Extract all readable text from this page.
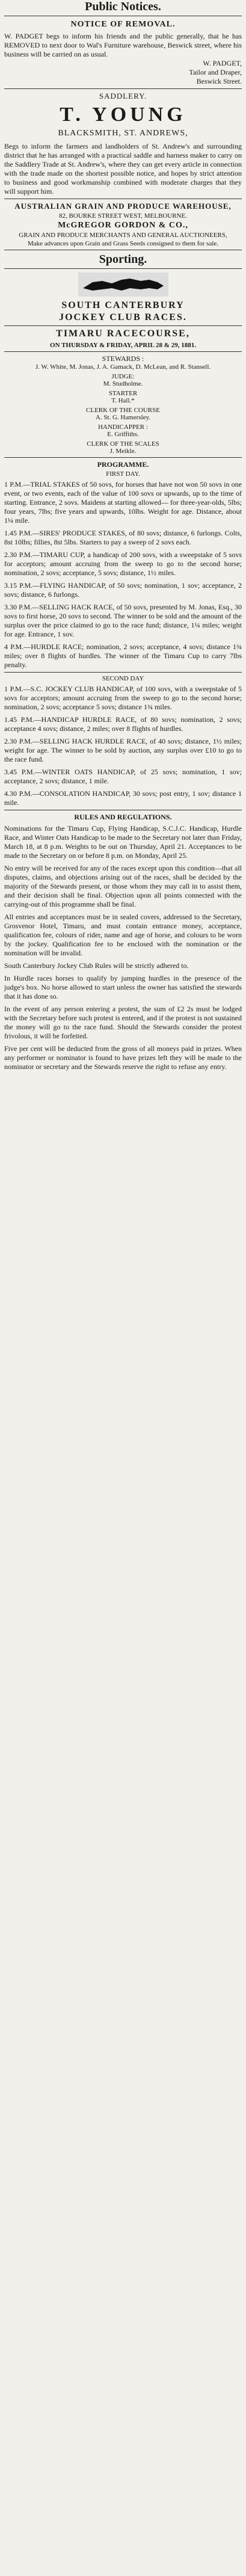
Public Notices.
NOTICE OF REMOVAL.

W. PADGET begs to inform his friends and the public generally, that he has REMOVED to next door to Wal's Furniture warehouse, Beswick street, where his business will be carried on as usual.

W. PADGET,

Tailor and Draper,

Beswick Street.

SADDLERY.
T. YOUNG
BLACKSMITH, ST. ANDREWS,

Begs to inform the farmers and landholders of St. Andrew's and surrounding district that he has arranged with a practical saddle and harness maker to carry on the Saddlery Trade at St. Andrew's, where they can get every article in connection with the trade made on the shortest possible notice, and hopes by strict attention to business and good workmanship combined with moderate charges that they will support him.

AUSTRALIAN GRAIN AND PRODUCE WAREHOUSE,
82, BOURKE STREET WEST, MELBOURNE.
McGREGOR GORDON & CO.,
GRAIN AND PRODUCE MERCHANTS AND GENERAL AUCTIONEERS,
Make advances upon Grain and Grass Seeds consigned to them for sale.
Sporting.
SOUTH CANTERBURY
JOCKEY CLUB RACES.
TIMARU RACECOURSE,
ON THURSDAY & FRIDAY, APRIL 28 & 29, 1881.
STEWARDS :
J. W. White, M. Jonas, J. A. Gamack, D. McLean, and R. Stansell.
JUDGE:
M. Studholme.
STARTER
T. Hall.*
CLERK OF THE COURSE
A. St. G. Hamersley.
HANDICAPPER :
E. Griffiths.
CLERK OF THE SCALES
J. Meikle.
PROGRAMME.
FIRST DAY.

1 P.M.—TRIAL STAKES of 50 sovs, for horses that have not won 50 sovs in one event, or two events, each of the value of 100 sovs or upwards, up to the time of starting. Entrance, 2 sovs. Maidens at starting allowed— for three-year-olds, 5lbs; four years, 7lbs; five years and upwards, 10lbs. Weight for age. Distance, about 1¼ mile.

1.45 P.M.—SIRES' PRODUCE STAKES, of 80 sovs; distance, 6 furlongs. Colts, 8st 10lbs; fillies, 8st 5lbs. Starters to pay a sweep of 2 sovs each.

2.30 P.M.—TIMARU CUP, a handicap of 200 sovs, with a sweepstake of 5 sovs for acceptors; amount accruing from the sweep to go to the second horse; nomination, 2 sovs; acceptance, 5 sovs; distance, 1½ miles.

3.15 P.M.—FLYING HANDICAP, of 50 sovs; nomination, 1 sov; acceptance, 2 sovs; distance, 6 furlongs.

3.30 P.M.—SELLING HACK RACE, of 50 sovs, presented by M. Jonas, Esq., 30 sovs to first horse, 20 sovs to second. The winner to be sold and the amount of the surplus over the price claimed to go to the race fund; distance, 1¼ miles; weight for age. Entrance, 1 sov.

4 P.M.—HURDLE RACE; nomination, 2 sovs; acceptance, 4 sovs; distance 1¾ miles; over 8 flights of hurdles. The winner of the Timaru Cup to carry 7lbs penalty.

SECOND DAY

1 P.M.—S.C. JOCKEY CLUB HANDICAP, of 100 sovs, with a sweepstake of 5 sovs for acceptors; amount accruing from the sweep to go to the second horse; nomination, 2 sovs; acceptance 5 sovs; distance 1¾ miles.

1.45 P.M.—HANDICAP HURDLE RACE, of 80 sovs; nomination, 2 sovs; acceptance 4 sovs; distance, 2 miles; over 8 flights of hurdles.

2.30 P.M.—SELLING HACK HURDLE RACE, of 40 sovs; distance, 1½ miles; weight for age. The winner to be sold by auction, any surplus over £10 to go to the race fund.

3.45 P.M.—WINTER OATS HANDICAP, of 25 sovs; nomination, 1 sov; acceptance, 2 sovs; distance, 1 mile.

4.30 P.M.—CONSOLATION HANDICAP, 30 sovs; post entry, 1 sov; distance 1 mile.

RULES AND REGULATIONS.

Nominations for the Timaru Cup, Flying Handicap, S.C.J.C. Handicap, Hurdle Race, and Winter Oats Handicap to be made to the Secretary not later than Friday, March 18, at 8 p.m. Weights to be out on Thursday, April 21. Acceptances to be made to the Secretary on or before 8 p.m. on Monday, April 25.

No entry will be received for any of the races except upon this condition—that all disputes, claims, and objections arising out of the races, shall be decided by the majority of the Stewards present, or those whom they may call in to assist them, and their decision shall be final. Objection upon all points connected with the carrying-out of this programme shall be final.

All entries and acceptances must be in sealed covers, addressed to the Secretary, Grosvenor Hotel, Timaru, and must contain entrance money, acceptance, qualification fee, colours of rider, name and age of horse, and colours to be worn by the jockey. Qualification fee to be enclosed with the nomination or the nomination will be invalid.

South Canterbury Jockey Club Rules will be strictly adhered to.

In Hurdle races horses to qualify by jumping hurdles in the presence of the judge's box. No horse allowed to start unless the owner has satisfied the stewards that it has done so.

In the event of any person entering a protest, the sum of £2 2s must be lodged with the Secretary before such protest is entered, and if the protest is not sustained the money will go to the race fund. Should the Stewards consider the protest frivolous, it will be forfeited.

Five per cent will be deducted from the gross of all moneys paid in prizes. When any performer or nominator is found to have prizes left they will be made to the nominator or secretary and the Stewards reserve the right to refuse any entry.
